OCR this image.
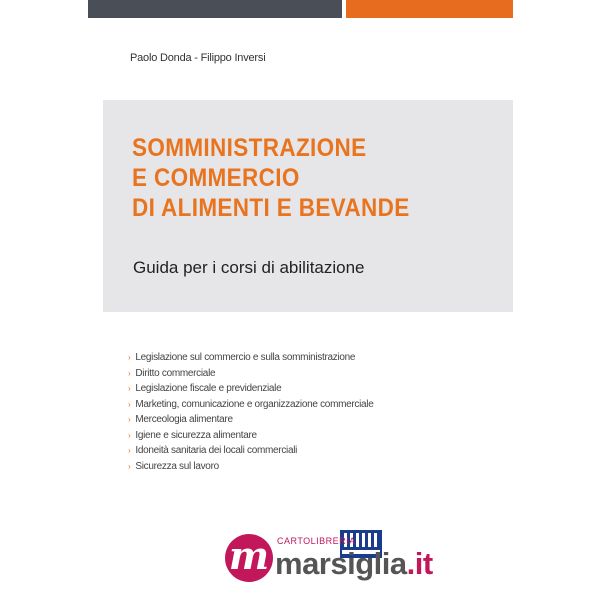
Paolo Donda - Filippo Inversi
SOMMINISTRAZIONE
E COMMERCIO
DI ALIMENTI E BEVANDE
Guida per i corsi di abilitazione
› Legislazione sul commercio e sulla somministrazione
› Diritto commerciale
› Legislazione fiscale e previdenziale
› Marketing, comunicazione e organizzazione commerciale
› Merceologia alimentare
› Igiene e sicurezza alimentare
› Idoneità sanitaria dei locali commerciali
› Sicurezza sul lavoro
m CARTOLIBRERIA
marsiglia.it
